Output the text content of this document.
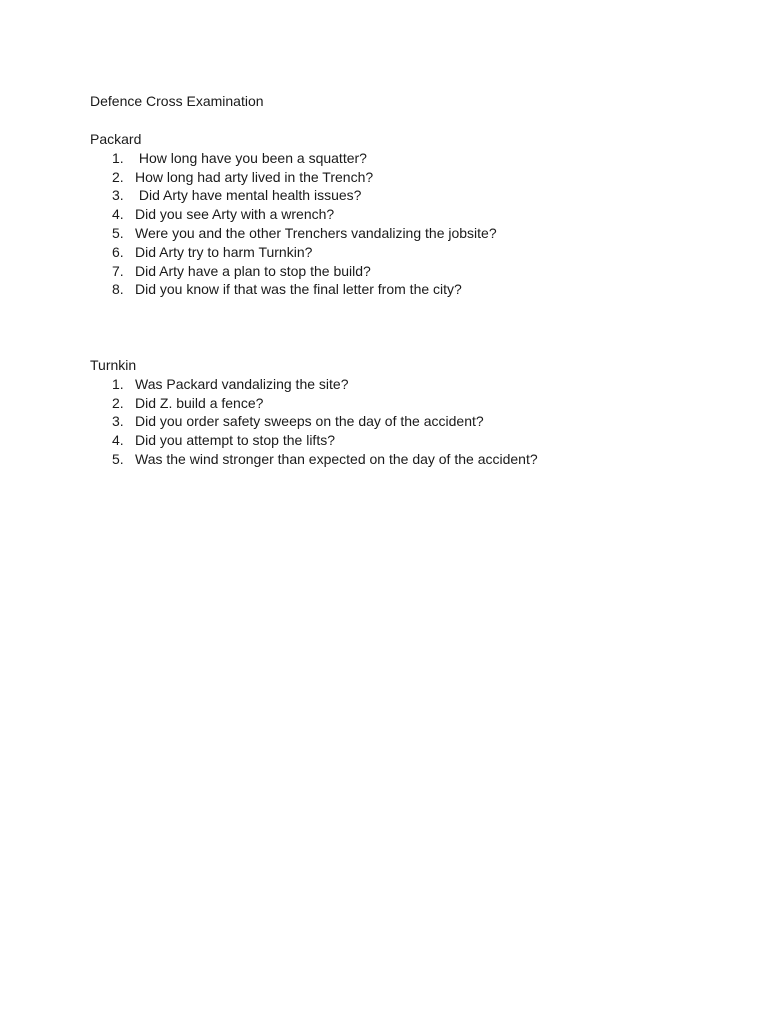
Defence Cross Examination
Packard
1. How long have you been a squatter?
2. How long had arty lived in the Trench?
3. Did Arty have mental health issues?
4. Did you see Arty with a wrench?
5. Were you and the other Trenchers vandalizing the jobsite?
6. Did Arty try to harm Turnkin?
7. Did Arty have a plan to stop the build?
8. Did you know if that was the final letter from the city?
Turnkin
1. Was Packard vandalizing the site?
2. Did Z. build a fence?
3. Did you order safety sweeps on the day of the accident?
4. Did you attempt to stop the lifts?
5. Was the wind stronger than expected on the day of the accident?
